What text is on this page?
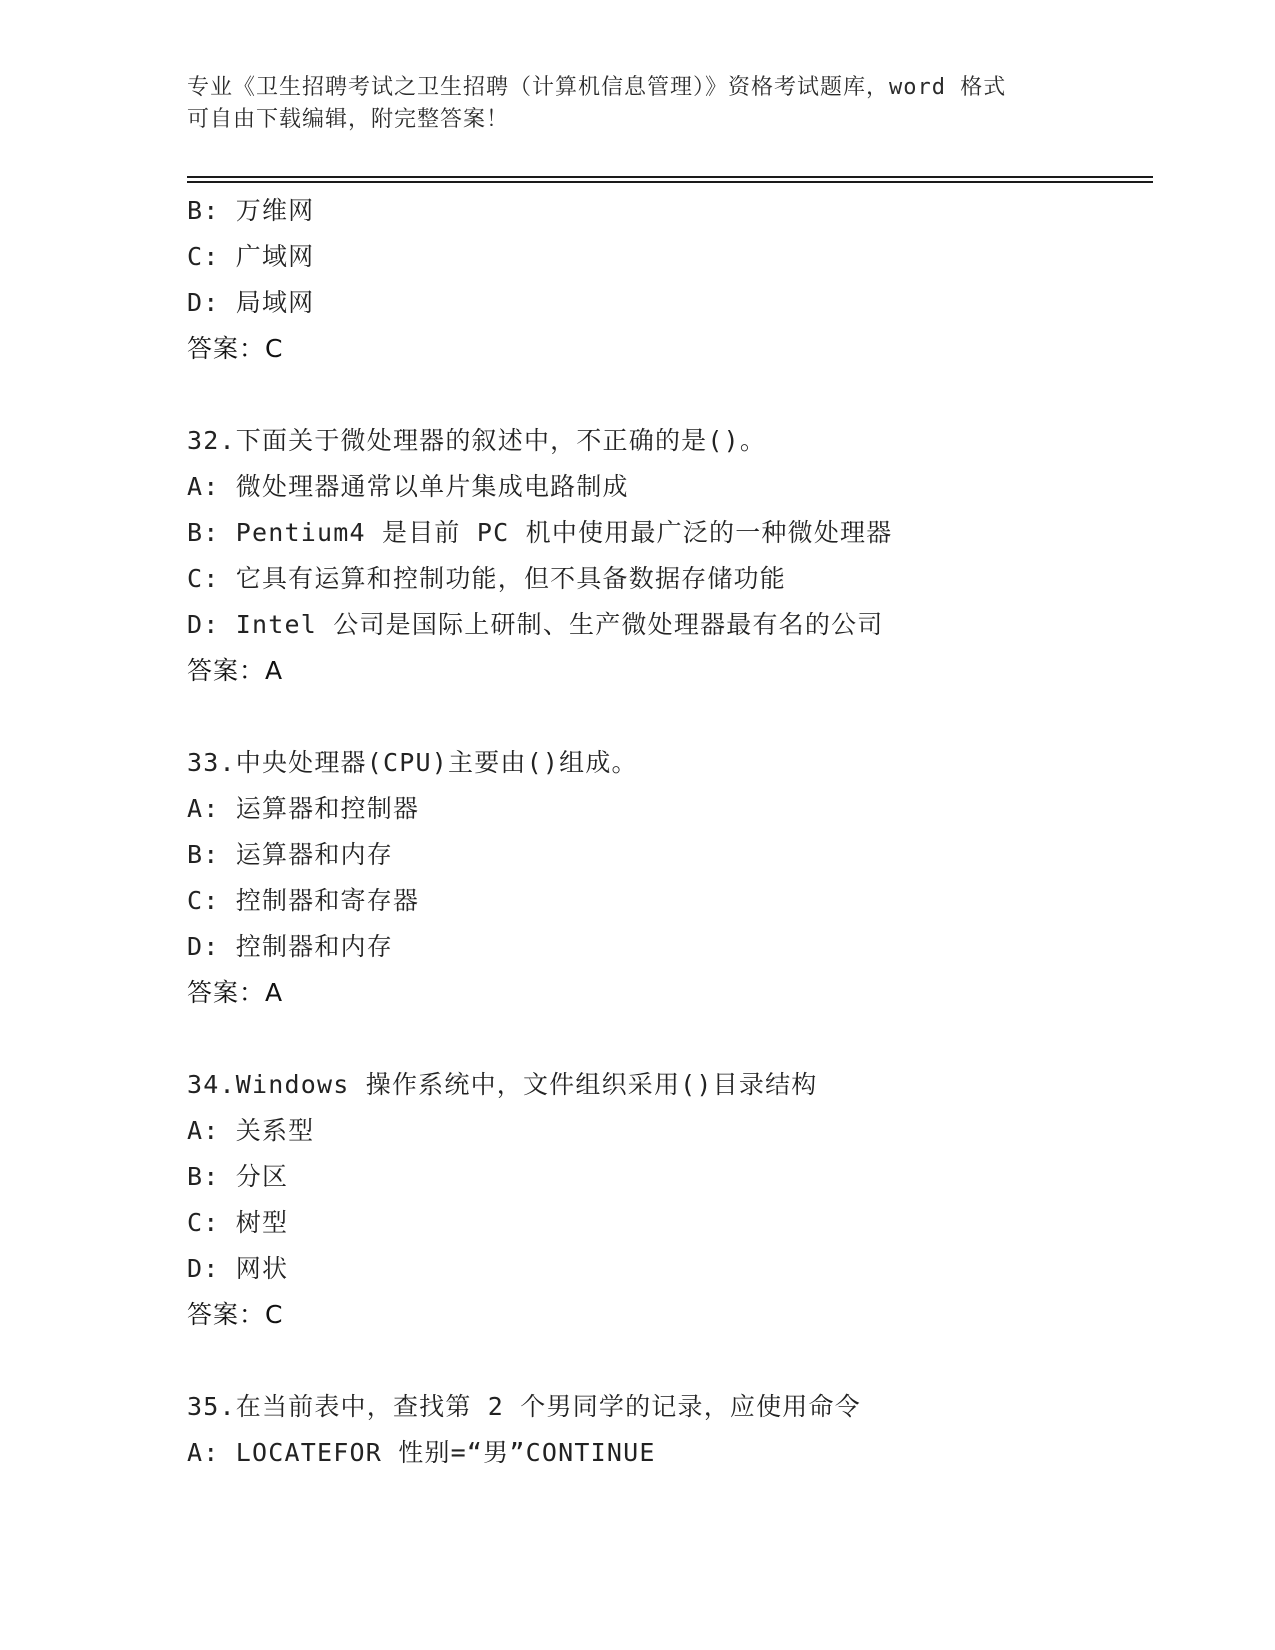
专业《卫生招聘考试之卫生招聘（计算机信息管理）》资格考试题库，word 格式
可自由下载编辑，附完整答案！
B: 万维网
C: 广域网
D: 局域网
答案：C
32.下面关于微处理器的叙述中，不正确的是()。
A: 微处理器通常以单片集成电路制成
B: Pentium4 是目前 PC 机中使用最广泛的一种微处理器
C: 它具有运算和控制功能，但不具备数据存储功能
D: Intel 公司是国际上研制、生产微处理器最有名的公司
答案：A
33.中央处理器(CPU)主要由()组成。
A: 运算器和控制器
B: 运算器和内存
C: 控制器和寄存器
D: 控制器和内存
答案：A
34.Windows 操作系统中，文件组织采用()目录结构
A: 关系型
B: 分区
C: 树型
D: 网状
答案：C
35.在当前表中，查找第 2 个男同学的记录，应使用命令
A: LOCATEFOR 性别=“男”CONTINUE
